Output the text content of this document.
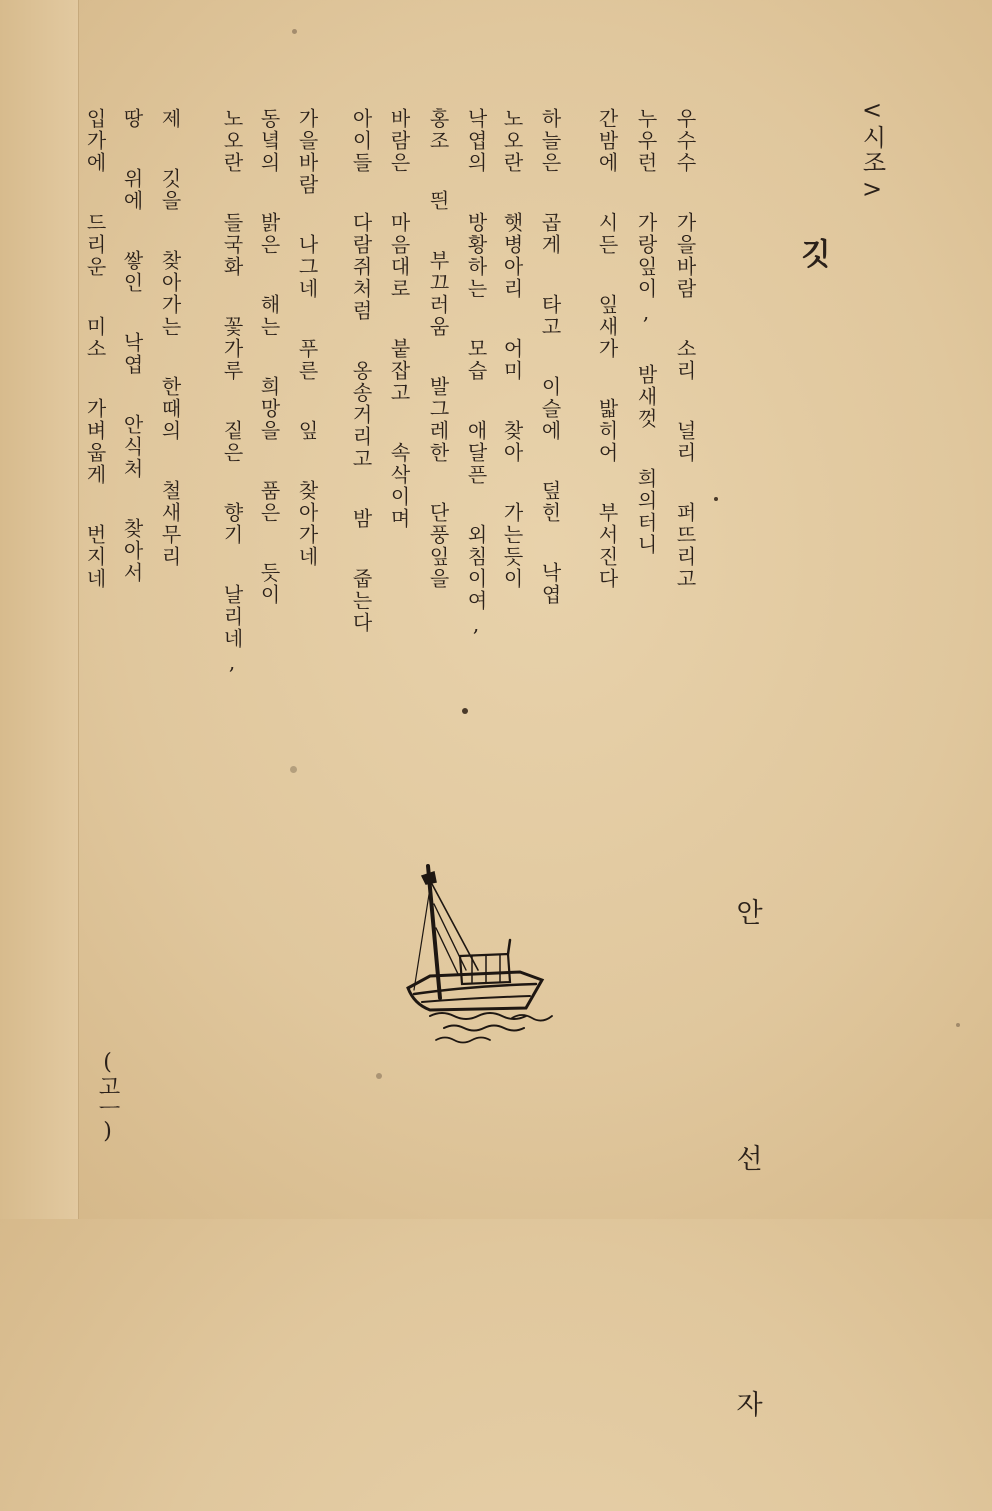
<시조>
깃
우수수 가을바람 소리 널리 퍼뜨리고
누우런 가랑잎이, 밤새껏 희의터니
간밤에 시든 잎새가 밟히어 부서진다
하늘은 곱게 타고 이슬에 덮힌 낙엽
노오란 햇병아리 어미 찾아 가는듯이
낙엽의 방황하는 모습 애달픈 외침이여,
홍조 띈 부끄러움 발그레한 단풍잎을
바람은 마음대로 붙잡고 속삭이며
아이들 다람쥐처럼 옹송거리고 밤 줍는다
가을바람 나그네 푸른 잎 찾아가네
동녘의 밝은 해는 희망을 품은 듯이
노오란 들국화 꽃가루 짙은 향기 날리네,
제 깃을 찾아가는 한때의 철새무리
땅 위에 쌓인 낙엽 안식처 찾아서
입가에 드리운 미소 가벼웁게 번지네
안 선 자
(고ㅡ)
